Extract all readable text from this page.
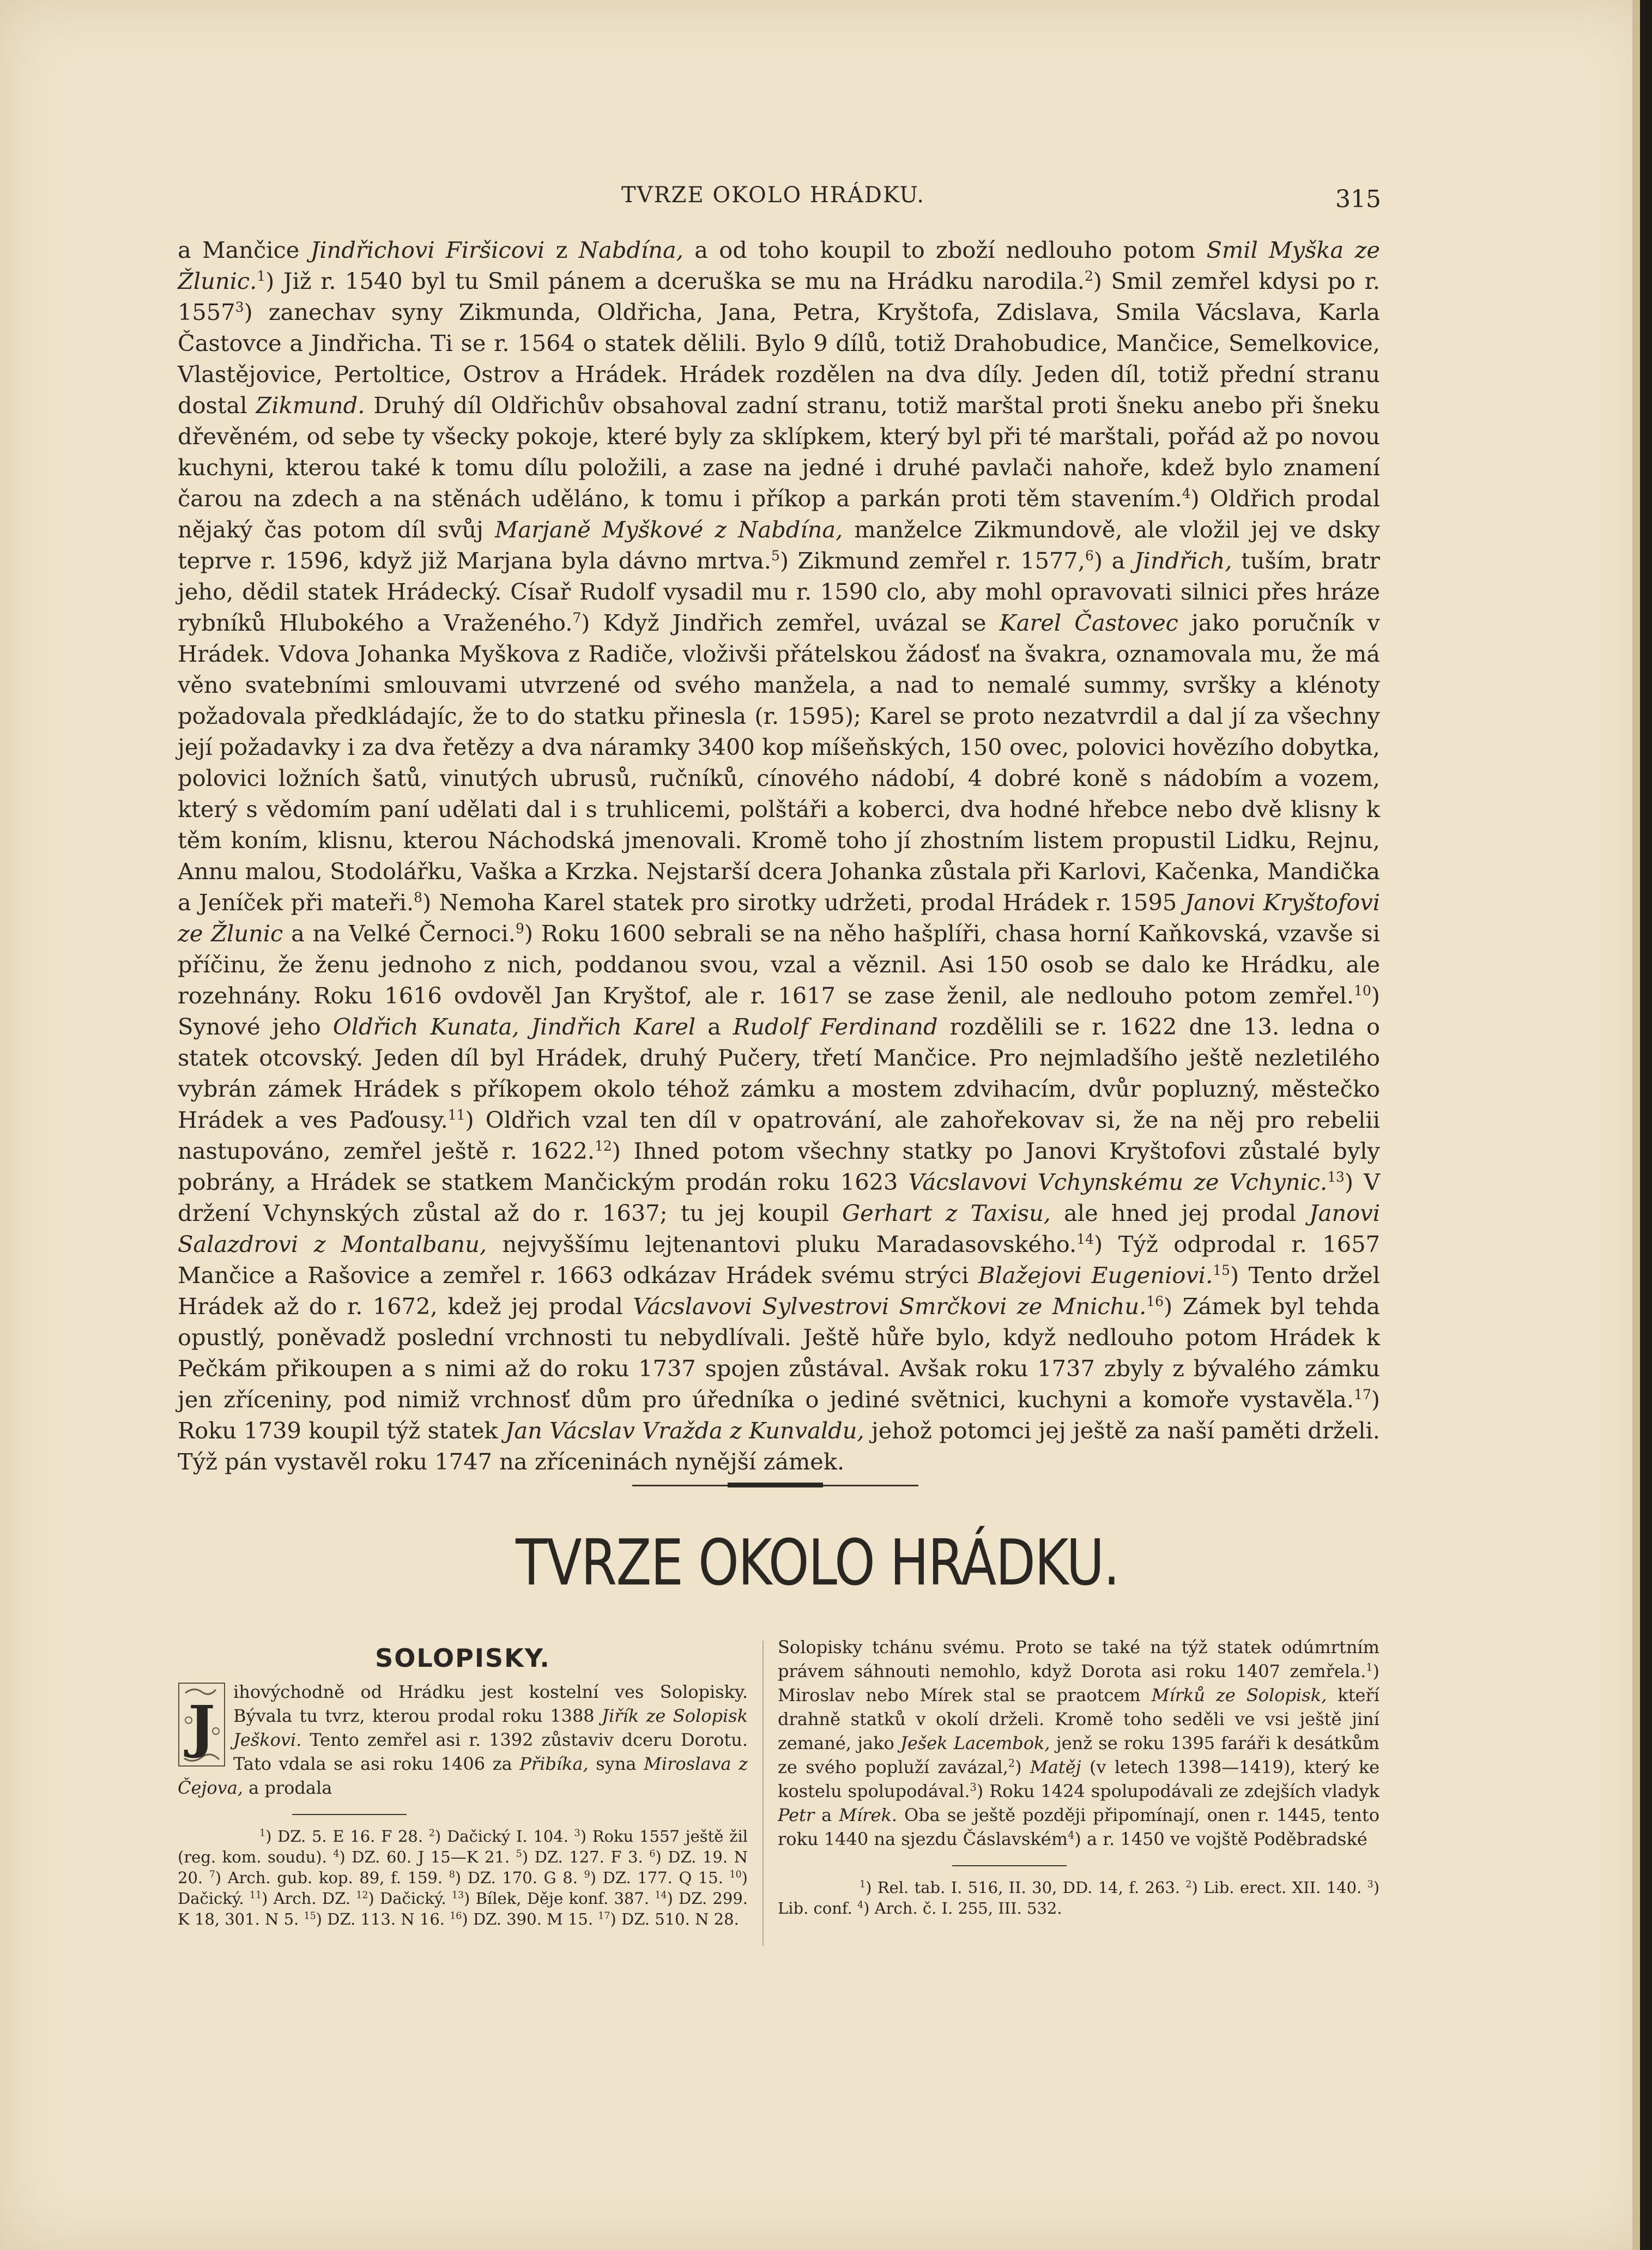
TVRZE OKOLO HRÁDKU.	315

a Mančice Jindřichovi Firšicovi z Nabdína, a od toho koupil to zboží nedlouho potom Smil Myška ze Žlunic.$^1$) Již r. 1540 byl tu Smil pánem a dceruška se mu na Hrádku narodila.$^2$) Smil zemřel kdysi po r. 1557$^3$) zanechav syny Zikmunda, Oldřicha, Jana, Petra, Kryštofa, Zdislava, Smila Vácslava, Karla Častovce a Jindřicha. Ti se r. 1564 o statek dělili. Bylo 9 dílů, totiž Drahobudice, Mančice, Semelkovice, Vlastějovice, Pertoltice, Ostrov a Hrádek. Hrádek rozdělen na dva díly. Jeden díl, totiž přední stranu dostal Zikmund. Druhý díl Oldřichův obsahoval zadní stranu, totiž marštal proti šneku anebo při šneku dřevěném, od sebe ty všecky pokoje, které byly za sklípkem, který byl při té marštali, pořád až po novou kuchyni, kterou také k tomu dílu položili, a zase na jedné i druhé pavlači nahoře, kdež bylo znamení čarou na zdech a na stěnách uděláno, k tomu i příkop a parkán proti těm stavením.$^4$) Oldřich prodal nějaký čas potom díl svůj Marjaně Myškové z Nabdína, manželce Zikmundově, ale vložil jej ve dsky teprve r. 1596, když již Marjana byla dávno mrtva.$^5$) Zikmund zemřel r. 1577,$^6$) a Jindřich, tuším, bratr jeho, dědil statek Hrádecký. Císař Rudolf vysadil mu r. 1590 clo, aby mohl opravovati silnici přes hráze rybníků Hlubokého a Vraženého.$^7$) Když Jindřich zemřel, uvázal se Karel Častovec jako poručník v Hrádek. Vdova Johanka Myškova z Radiče, vloživši přátelskou žádosť na švakra, oznamovala mu, že má věno svatebními smlouvami utvrzené od svého manžela, a nad to nemalé summy, svršky a klénoty požadovala předkládajíc, že to do statku přinesla (r. 1595); Karel se proto nezatvrdil a dal jí za všechny její požadavky i za dva řetězy a dva náramky 3400 kop míšeňských, 150 ovec, polovici hovězího dobytka, polovici ložních šatů, vinutých ubrusů, ručníků, cínového nádobí, 4 dobré koně s nádobím a vozem, který s vědomím paní udělati dal i s truhlicemi, polštáři a koberci, dva hodné hřebce nebo dvě klisny k těm koním, klisnu, kterou Náchodská jmenovali. Kromě toho jí zhostním listem propustil Lidku, Rejnu, Annu malou, Stodolářku, Vaška a Krzka. Nejstarší dcera Johanka zůstala při Karlovi, Kačenka, Mandička a Jeníček při mateři.$^8$) Nemoha Karel statek pro sirotky udržeti, prodal Hrádek r. 1595 Janovi Kryštofovi ze Žlunic a na Velké Černoci.$^9$) Roku 1600 sebrali se na něho hašplíři, chasa horní Kaňkovská, vzavše si příčinu, že ženu jednoho z nich, poddanou svou, vzal a věznil. Asi 150 osob se dalo ke Hrádku, ale rozehnány. Roku 1616 ovdověl Jan Kryštof, ale r. 1617 se zase ženil, ale nedlouho potom zemřel.$^{10}$) Synové jeho Oldřich Kunata, Jindřich Karel a Rudolf Ferdinand rozdělili se r. 1622 dne 13. ledna o statek otcovský. Jeden díl byl Hrádek, druhý Pučery, třetí Mančice. Pro nejmladšího ještě nezletilého vybrán zámek Hrádek s příkopem okolo téhož zámku a mostem zdvihacím, dvůr popluzný, městečko Hrádek a ves Paďousy.$^{11}$) Oldřich vzal ten díl v opatrování, ale zahořekovav si, že na něj pro rebelii nastupováno, zemřel ještě r. 1622.12) Ihned potom všechny statky po Janovi Kryštofovi zůstalé byly pobrány, a Hrádek se statkem Mančickým prodán roku 1623 Vácslavovi Vchynskému ze Vchynic.$^{13}$) V držení Vchynských zůstal až do r. 1637; tu jej koupil Gerhart z Taxisu, ale hned jej prodal Janovi Salazdrovi z Montalbanu, nejvyššímu lejtenantovi pluku Maradasovského.$^{14}$) Týž odprodal r. 1657 Mančice a Rašovice a zemřel r. 1663 odkázav Hrádek svému strýci Blažejovi Eugeniovi.$^{15}$) Tento držel Hrádek až do r. 1672, kdež jej prodal Vácslavovi Sylvestrovi Smrčkovi ze Mnichu.$^{16}$) Zámek byl tehda opustlý, poněvadž poslední vrchnosti tu nebydlívali. Ještě hůře bylo, když nedlouho potom Hrádek k Pečkám přikoupen a s nimi až do roku 1737 spojen zůstával. Avšak roku 1737 zbyly z bývalého zámku jen zříceniny, pod nimiž vrchnosť dům pro úředníka o jediné světnici, kuchyni a komoře vystavěla.$^{17}$) Roku 1739 koupil týž statek Jan Vácslav Vražda z Kunvaldu, jehož potomci jej ještě za naší paměti drželi. Týž pán vystavěl roku 1747 na zříceninách nynější zámek.

TVRZE OKOLO HRÁDKU.
SOLOPISKY.
J

ihovýchodně od Hrádku jest kostelní ves Solopisky. Bývala tu tvrz, kterou prodal roku 1388 Jiřík ze Solopisk Ješkovi. Tento zemřel asi r. 1392 zůstaviv dceru Dorotu. Tato vdala se asi roku 1406 za Přibíka, syna Miroslava z Čejova, a prodala

$^1$) DZ. 5. E 16. F 28. $^2$) Dačický I. 104. $^3$) Roku 1557 ještě žil (reg. kom. soudu). $^4$) DZ. 60. J 15—K 21. $^5$) DZ. 127. F 3. $^6$) DZ. 19. N 20. $^7$) Arch. gub. kop. 89, f. 159. $^8$) DZ. 170. G 8. $^9$) DZ. 177. Q 15. $^{10}$) Dačický. $^{11}$) Arch. DZ. $^{12}$) Dačický. $^{13}$) Bílek, Děje konf. 387. $^{14}$) DZ. 299. K 18, 301. N 5. $^{15}$) DZ. 113. N 16. $^{16}$) DZ. 390. M 15. $^{17}$) DZ. 510. N 28.

Solopisky tchánu svému. Proto se také na týž statek odúmrtním právem sáhnouti nemohlo, když Dorota asi roku 1407 zemřela.$^1$) Miroslav nebo Mírek stal se praotcem Mírků ze Solopisk, kteří drahně statků v okolí drželi. Kromě toho seděli ve vsi ještě jiní zemané, jako Ješek Lacembok, jenž se roku 1395 faráři k desátkům ze svého popluží zavázal,$^2$) Matěj (v letech 1398—1419), který ke kostelu spolupodával.$^3$) Roku 1424 spolupodávali ze zdejších vladyk Petr a Mírek. Oba se ještě později připomínají, onen r. 1445, tento roku 1440 na sjezdu Čáslavském$^4$) a r. 1450 ve vojště Poděbradské

$^1$) Rel. tab. I. 516, II. 30, DD. 14, f. 263. $^2$) Lib. erect. XII. 140. $^3$) Lib. conf. $^4$) Arch. č. I. 255, III. 532.
